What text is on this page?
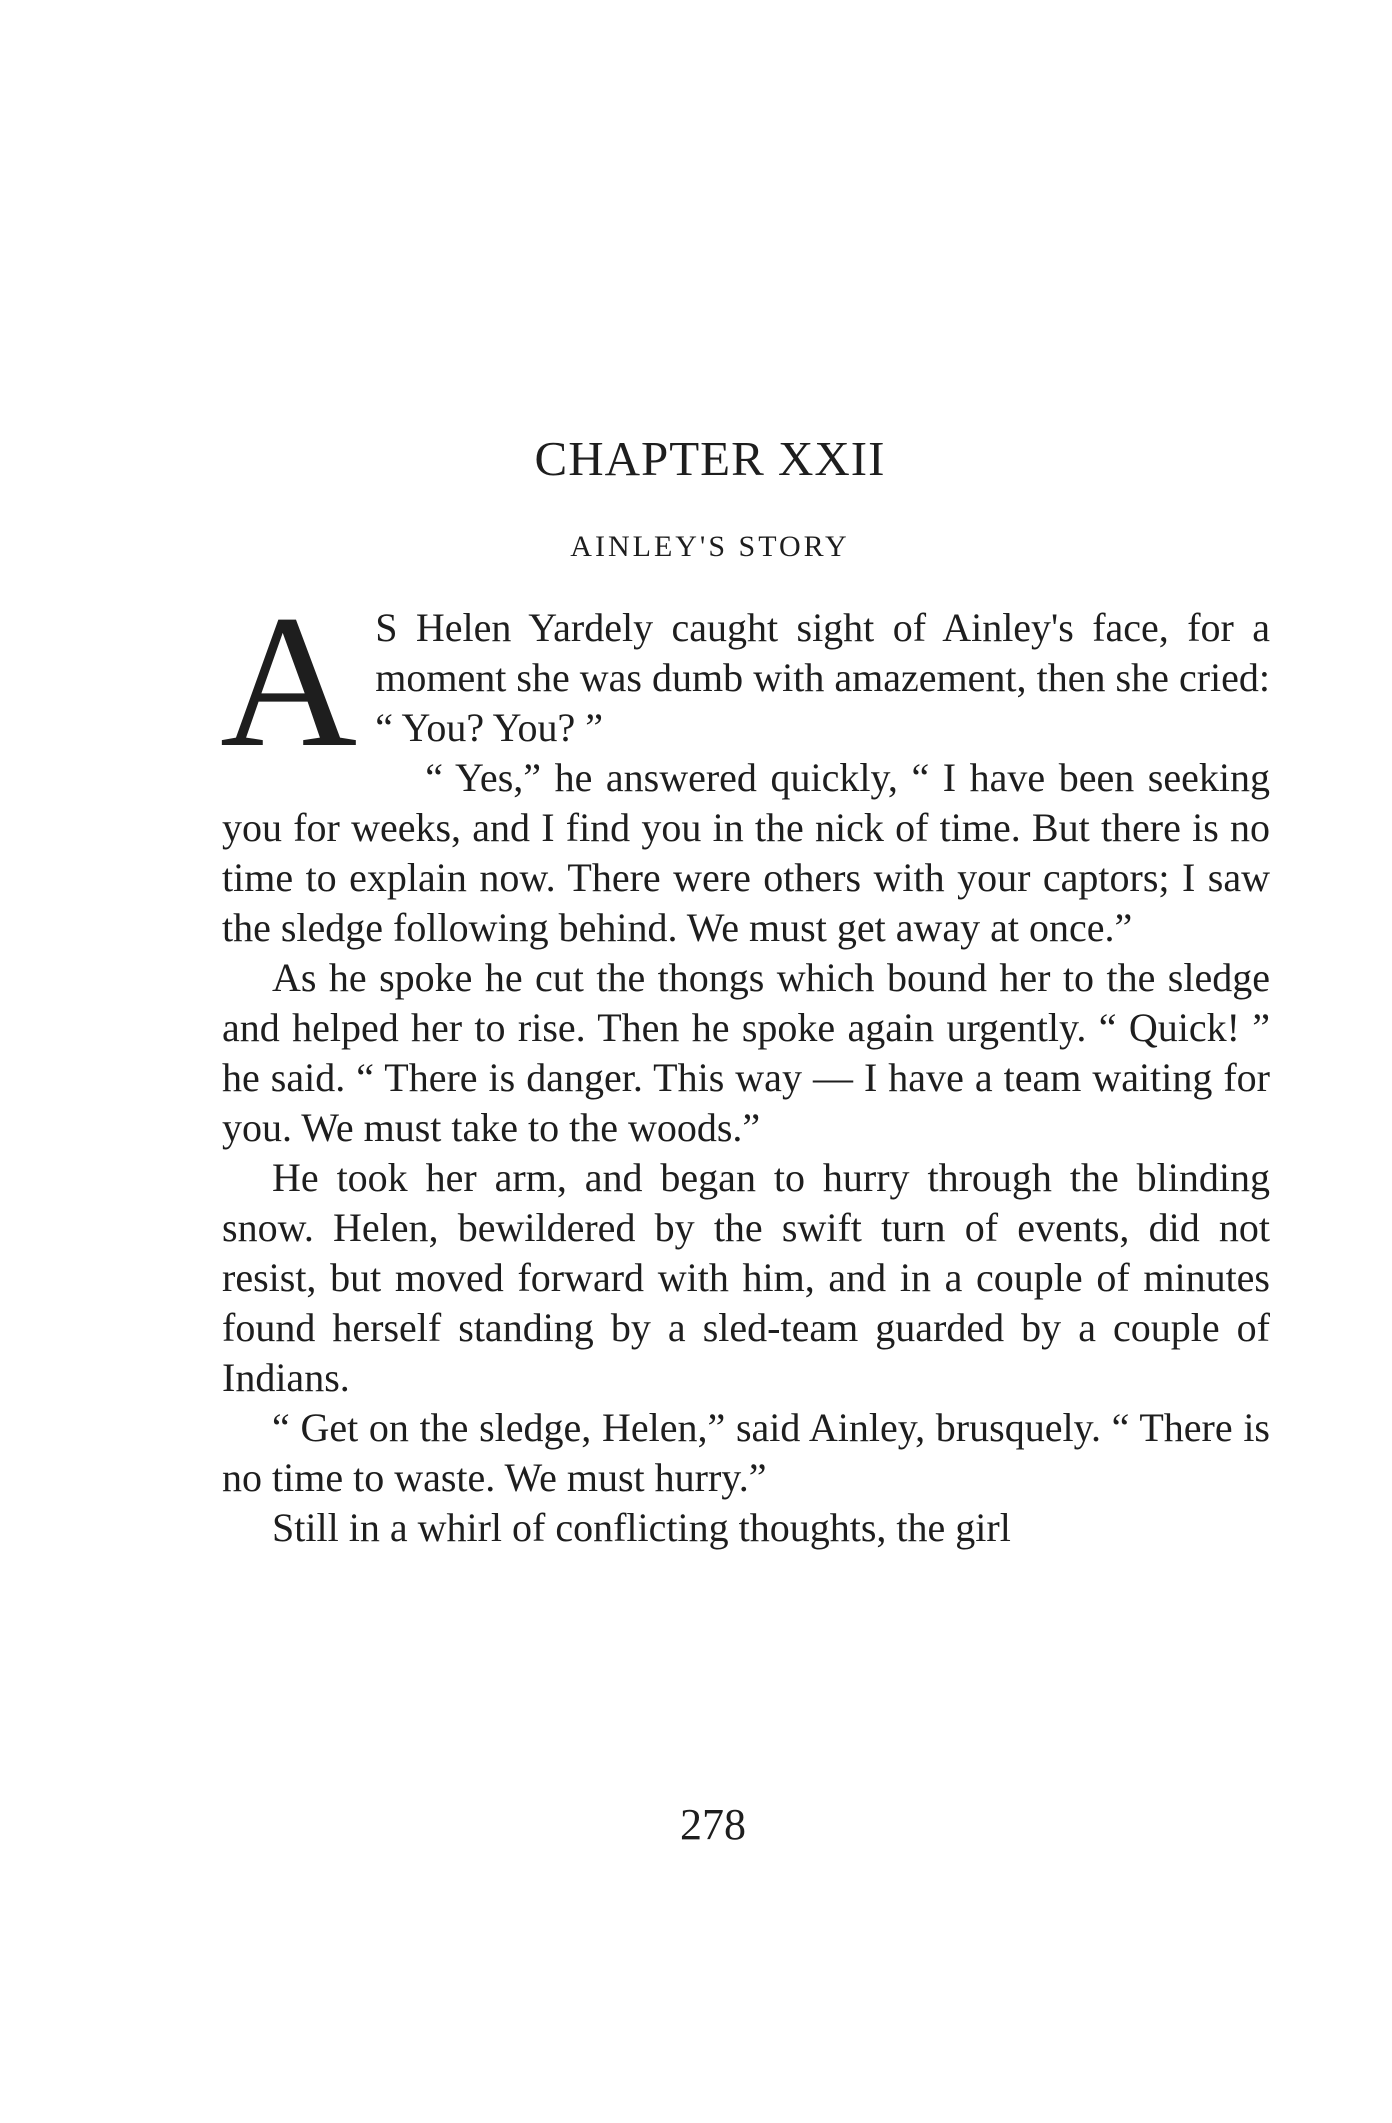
CHAPTER XXII
AINLEY'S STORY
A S Helen Yardely caught sight of Ainley's face, for a moment she was dumb with amazement, then she cried: “ You? You? ”

“ Yes,” he answered quickly, “ I have been seeking you for weeks, and I find you in the nick of time. But there is no time to explain now. There were others with your captors; I saw the sledge following behind. We must get away at once.”

As he spoke he cut the thongs which bound her to the sledge and helped her to rise. Then he spoke again urgently. “ Quick! ” he said. “ There is danger. This way — I have a team waiting for you. We must take to the woods.”

He took her arm, and began to hurry through the blinding snow. Helen, bewildered by the swift turn of events, did not resist, but moved forward with him, and in a couple of minutes found herself standing by a sled-team guarded by a couple of Indians.

“ Get on the sledge, Helen,” said Ainley, brusquely. “ There is no time to waste. We must hurry.”

Still in a whirl of conflicting thoughts, the girl

278
